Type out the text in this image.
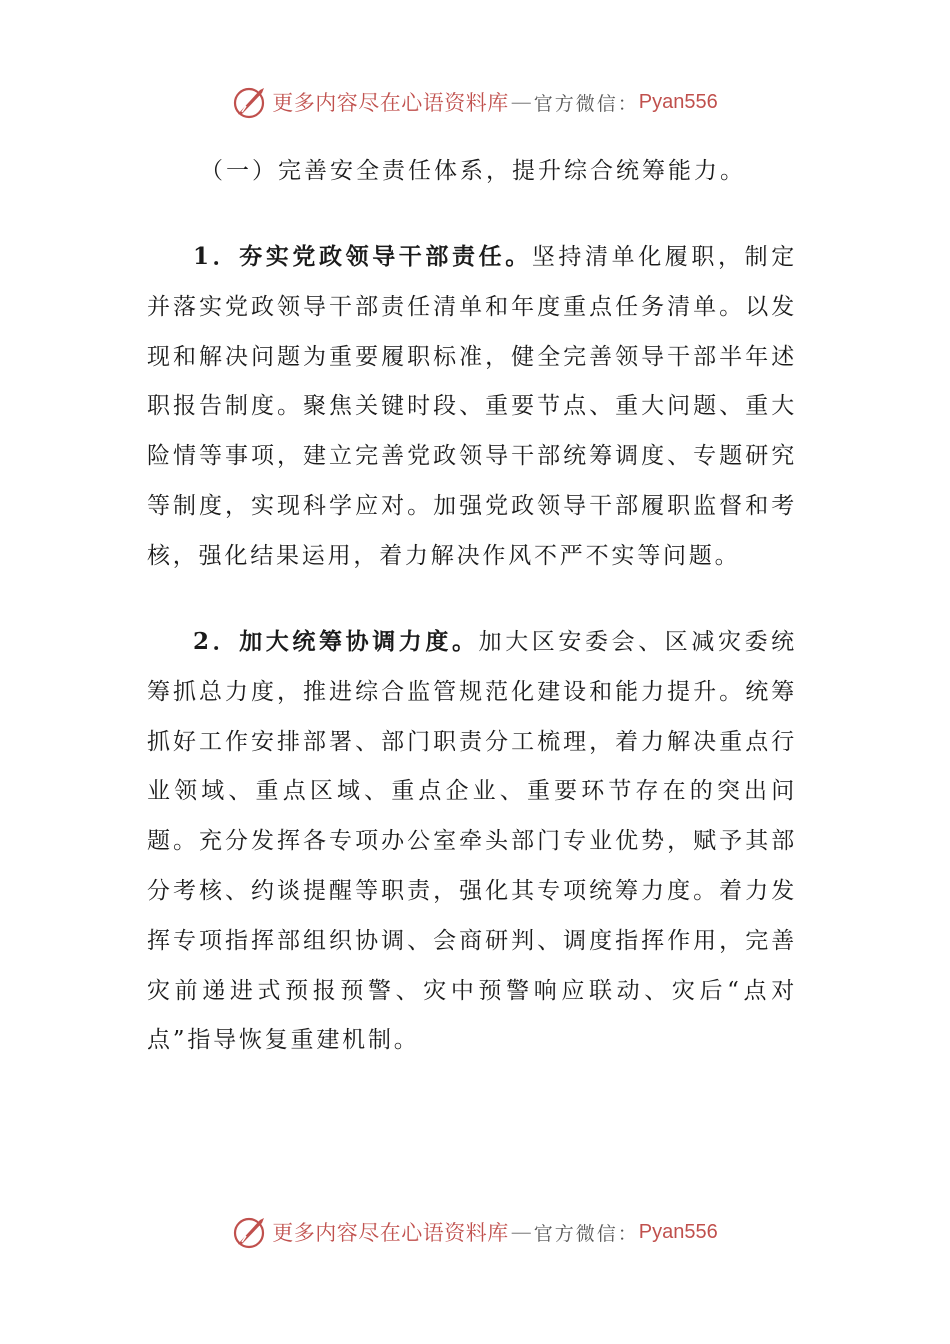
更多内容尽在心语资料库 — 官方微信： Pyan556
（一）完善安全责任体系，提升综合统筹能力。

1．夯实党政领导干部责任。坚持清单化履职，制定并落实党政领导干部责任清单和年度重点任务清单。以发现和解决问题为重要履职标准，健全完善领导干部半年述职报告制度。聚焦关键时段、重要节点、重大问题、重大险情等事项，建立完善党政领导干部统筹调度、专题研究等制度，实现科学应对。加强党政领导干部履职监督和考核，强化结果运用，着力解决作风不严不实等问题。

2．加大统筹协调力度。加大区安委会、区减灾委统筹抓总力度，推进综合监管规范化建设和能力提升。统筹抓好工作安排部署、部门职责分工梳理，着力解决重点行业领域、重点区域、重点企业、重要环节存在的突出问题。充分发挥各专项办公室牵头部门专业优势，赋予其部分考核、约谈提醒等职责，强化其专项统筹力度。着力发挥专项指挥部组织协调、会商研判、调度指挥作用，完善灾前递进式预报预警、灾中预警响应联动、灾后“点对点”指导恢复重建机制。

更多内容尽在心语资料库 — 官方微信： Pyan556
